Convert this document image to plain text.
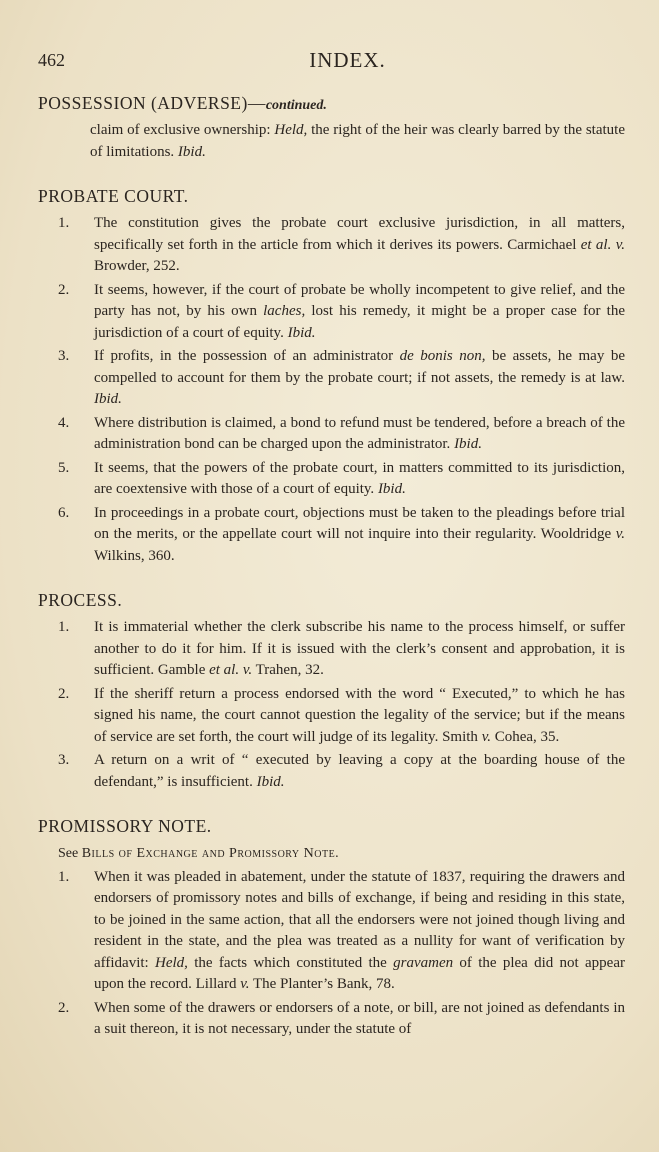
462	INDEX.
POSSESSION (ADVERSE)—continued.
claim of exclusive ownership: Held, the right of the heir was clearly barred by the statute of limitations. Ibid.
PROBATE COURT.
1. The constitution gives the probate court exclusive jurisdiction, in all matters, specifically set forth in the article from which it derives its powers. Carmichael et al. v. Browder, 252.
2. It seems, however, if the court of probate be wholly incompetent to give relief, and the party has not, by his own laches, lost his remedy, it might be a proper case for the jurisdiction of a court of equity. Ibid.
3. If profits, in the possession of an administrator de bonis non, be assets, he may be compelled to account for them by the probate court; if not assets, the remedy is at law. Ibid.
4. Where distribution is claimed, a bond to refund must be tendered, before a breach of the administration bond can be charged upon the administrator. Ibid.
5. It seems, that the powers of the probate court, in matters committed to its jurisdiction, are coextensive with those of a court of equity. Ibid.
6. In proceedings in a probate court, objections must be taken to the pleadings before trial on the merits, or the appellate court will not inquire into their regularity. Wooldridge v. Wilkins, 360.
PROCESS.
1. It is immaterial whether the clerk subscribe his name to the process himself, or suffer another to do it for him. If it is issued with the clerk’s consent and approbation, it is sufficient. Gamble et al. v. Trahen, 32.
2. If the sheriff return a process endorsed with the word “ Executed,” to which he has signed his name, the court cannot question the legality of the service; but if the means of service are set forth, the court will judge of its legality. Smith v. Cohea, 35.
3. A return on a writ of “ executed by leaving a copy at the boarding house of the defendant,” is insufficient. Ibid.
PROMISSORY NOTE.
See Bills of Exchange and Promissory Note.
1. When it was pleaded in abatement, under the statute of 1837, requiring the drawers and endorsers of promissory notes and bills of exchange, if being and residing in this state, to be joined in the same action, that all the endorsers were not joined though living and resident in the state, and the plea was treated as a nullity for want of verification by affidavit: Held, the facts which constituted the gravamen of the plea did not appear upon the record. Lillard v. The Planter’s Bank, 78.
2. When some of the drawers or endorsers of a note, or bill, are not joined as defendants in a suit thereon, it is not necessary, under the statute of
